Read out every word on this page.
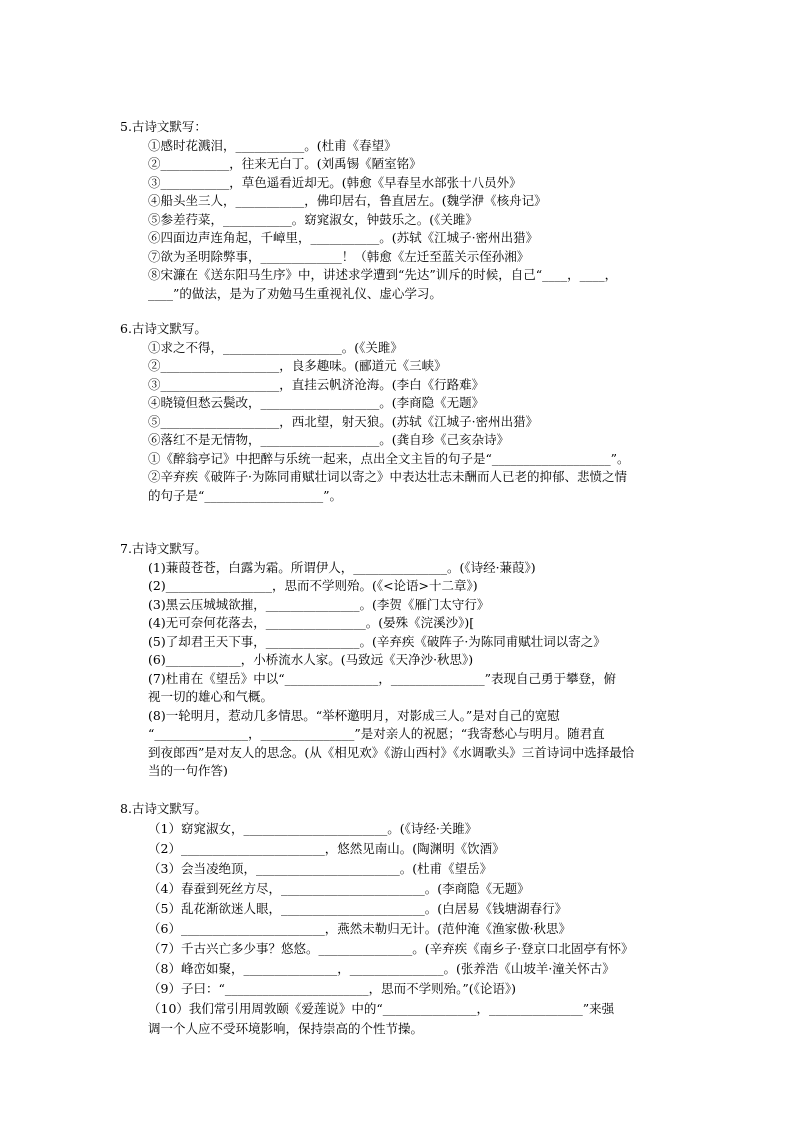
5.古诗文默写：
①感时花溅泪，___________。(杜甫《春望》
②___________，往来无白丁。(刘禹锡《陋室铭》
③___________，草色遥看近却无。(韩愈《早春呈水部张十八员外》
④船头坐三人，___________，佛印居右，鲁直居左。(魏学洢《核舟记》
⑤参差荇菜，___________。窈窕淑女，钟鼓乐之。(《关雎》
⑥四面边声连角起，千嶂里，___________。(苏轼《江城子·密州出猎》
⑦欲为圣明除弊事，_____________！（韩愈《左迁至蓝关示侄孙湘》
⑧宋濂在《送东阳马生序》中，讲述求学遭到“先达”训斥的时候，自己“____，____，
____”的做法，是为了劝勉马生重视礼仪、虚心学习。
6.古诗文默写。
①求之不得，___________________。(《关雎》
②___________________，良多趣味。(郦道元《三峡》
③___________________，直挂云帆济沧海。(李白《行路难》
④晓镜但愁云鬓改，___________________。(李商隐《无题》
⑤___________________，西北望，射天狼。(苏轼《江城子·密州出猎》
⑥落红不是无情物，___________________。(龚自珍《己亥杂诗》
①《醉翁亭记》中把醉与乐统一起来，点出全文主旨的句子是“___________________”。
②辛弃疾《破阵子·为陈同甫赋壮词以寄之》中表达壮志未酬而人已老的抑郁、悲愤之情
的句子是“___________________”。
7.古诗文默写。
(1)蒹葭苍苍，白露为霜。所谓伊人，_______________。(《诗经·蒹葭》)
(2)_________________，思而不学则殆。(《<论语>十二章》)
(3)黑云压城城欲摧，_______________。(李贺《雁门太守行》
(4)无可奈何花落去，________________。(晏殊《浣溪沙》)[
(5)了却君王天下事，_______________。(辛弃疾《破阵子·为陈同甫赋壮词以寄之》
(6)____________，小桥流水人家。(马致远《天净沙·秋思》)
(7)杜甫在《望岳》中以“_______________，_______________”表现自己勇于攀登，俯
视一切的雄心和气概。
(8)一轮明月，惹动几多情思。“举杯邀明月，对影成三人。”是对自己的宽慰
“_______________，_______________”是对亲人的祝愿；“我寄愁心与明月。随君直
到夜郎西”是对友人的思念。(从《相见欢》《游山西村》《水调歌头》三首诗词中选择最恰
当的一句作答)
8.古诗文默写。
（1）窈窕淑女，_______________________。(《诗经·关雎》
（2）_______________________，悠然见南山。(陶渊明《饮酒》
（3）会当凌绝顶，_______________________。(杜甫《望岳》
（4）春蚕到死丝方尽，_______________________。(李商隐《无题》
（5）乱花渐欲迷人眼，_______________________。(白居易《钱塘湖春行》
（6）_______________________，燕然未勒归无计。(范仲淹《渔家傲·秋思》
（7）千古兴亡多少事？悠悠。_______________。(辛弃疾《南乡子·登京口北固亭有怀》
（8）峰峦如聚，_______________，_______________。(张养浩《山坡羊·潼关怀古》
（9）子曰：“_______________________，思而不学则殆。”(《论语》)
（10）我们常引用周敦颐《爱莲说》中的“_______________，_______________”来强
调一个人应不受环境影响，保持崇高的个性节操。
